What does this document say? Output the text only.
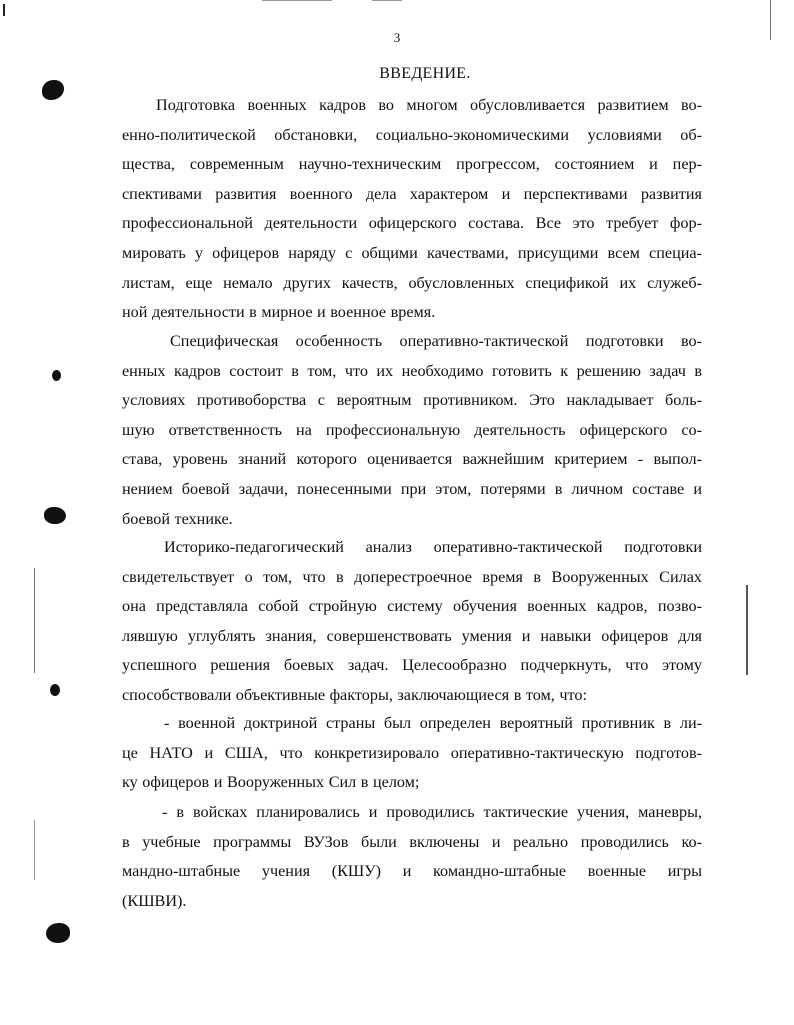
3
ВВЕДЕНИЕ.

Подготовка военных кадров во многом обусловливается развитием во-

енно-политической обстановки, социально-экономическими условиями об-

щества, современным научно-техническим прогрессом, состоянием и пер-

спективами развития военного дела характером и перспективами развития

профессиональной деятельности офицерского состава. Все это требует фор-

мировать у офицеров наряду с общими качествами, присущими всем специа-

листам, еще немало других качеств, обусловленных спецификой их служеб-

ной деятельности в мирное и военное время.

Специфическая особенность оперативно-тактической подготовки во-

енных кадров состоит в том, что их необходимо готовить к решению задач в

условиях противоборства с вероятным противником. Это накладывает боль-

шую ответственность на профессиональную деятельность офицерского со-

става, уровень знаний которого оценивается важнейшим критерием - выпол-

нением боевой задачи, понесенными при этом, потерями в личном составе и

боевой технике.

Историко-педагогический анализ оперативно-тактической подготовки

свидетельствует о том, что в доперестроечное время в Вооруженных Силах

она представляла собой стройную систему обучения военных кадров, позво-

лявшую углублять знания, совершенствовать умения и навыки офицеров для

успешного решения боевых задач. Целесообразно подчеркнуть, что этому

способствовали объективные факторы, заключающиеся в том, что:

- военной доктриной страны был определен вероятный противник в ли-

це НАТО и США, что конкретизировало оперативно-тактическую подготов-

ку офицеров и Вооруженных Сил в целом;

- в войсках планировались и проводились тактические учения, маневры,

в учебные программы ВУЗов были включены и реально проводились ко-

мандно-штабные учения (КШУ) и командно-штабные военные игры

(КШВИ).
